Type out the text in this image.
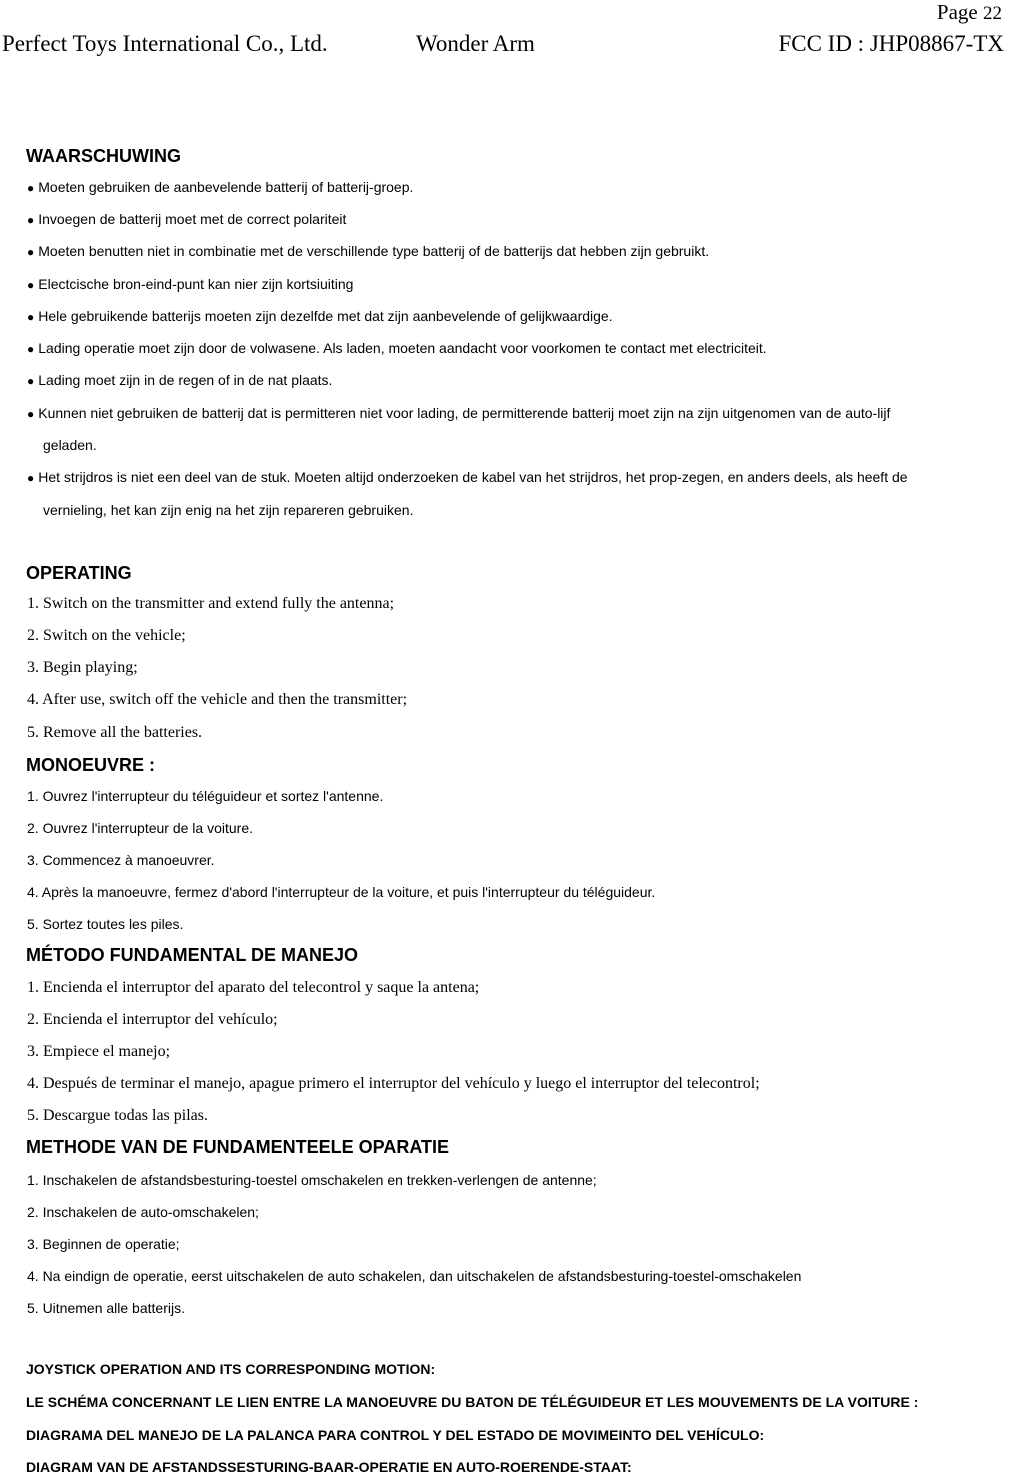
Page 22
Perfect Toys International Co., Ltd.	Wonder Arm	FCC ID : JHP08867-TX
WAARSCHUWING
● Moeten gebruiken de aanbevelende batterij of batterij-groep.
● Invoegen de batterij moet met de correct polariteit
● Moeten benutten niet in combinatie met de verschillende type batterij of de batterijs dat hebben zijn gebruikt.
● Electcische bron-eind-punt kan nier zijn kortsiuiting
● Hele gebruikende batterijs moeten zijn dezelfde met dat zijn aanbevelende of gelijkwaardige.
● Lading operatie moet zijn door de volwasene. Als laden, moeten aandacht voor voorkomen te contact met electriciteit.
● Lading moet zijn in de regen of in de nat plaats.
● Kunnen niet gebruiken de batterij dat is permitteren niet voor lading, de permitterende batterij moet zijn na zijn uitgenomen van de auto-lijf
geladen.
● Het strijdros is niet een deel van de stuk. Moeten altijd onderzoeken de kabel van het strijdros, het prop-zegen, en anders deels, als heeft de
vernieling, het kan zijn enig na het zijn repareren gebruiken.
OPERATING
1. Switch on the transmitter and extend fully the antenna;
2. Switch on the vehicle;
3. Begin playing;
4. After use, switch off the vehicle and then the transmitter;
5. Remove all the batteries.
MONOEUVRE :
1. Ouvrez l'interrupteur du téléguideur et sortez l'antenne.
2. Ouvrez l'interrupteur de la voiture.
3. Commencez à manoeuvrer.
4. Après la manoeuvre, fermez d'abord l'interrupteur de la voiture, et puis l'interrupteur du téléguideur.
5. Sortez toutes les piles.
MÉTODO FUNDAMENTAL DE MANEJO
1. Encienda el interruptor del aparato del telecontrol y saque la antena;
2. Encienda el interruptor del vehículo;
3. Empiece el manejo;
4. Después de terminar el manejo, apague primero el interruptor del vehículo y luego el interruptor del telecontrol;
5. Descargue todas las pilas.
METHODE VAN DE FUNDAMENTEELE OPARATIE
1. Inschakelen de afstandsbesturing-toestel omschakelen en trekken-verlengen de antenne;
2. Inschakelen de auto-omschakelen;
3. Beginnen de operatie;
4. Na eindign de operatie, eerst uitschakelen de auto schakelen, dan uitschakelen de afstandsbesturing-toestel-omschakelen
5. Uitnemen alle batterijs.
JOYSTICK OPERATION AND ITS CORRESPONDING MOTION:
LE SCHÉMA CONCERNANT LE LIEN ENTRE LA MANOEUVRE DU BATON DE TÉLÉGUIDEUR ET LES MOUVEMENTS DE LA VOITURE :
DIAGRAMA DEL MANEJO DE LA PALANCA PARA CONTROL Y DEL ESTADO DE MOVIMEINTO DEL VEHÍCULO:
DIAGRAM VAN DE AFSTANDSSESTURING-BAAR-OPERATIE EN AUTO-ROERENDE-STAAT:
